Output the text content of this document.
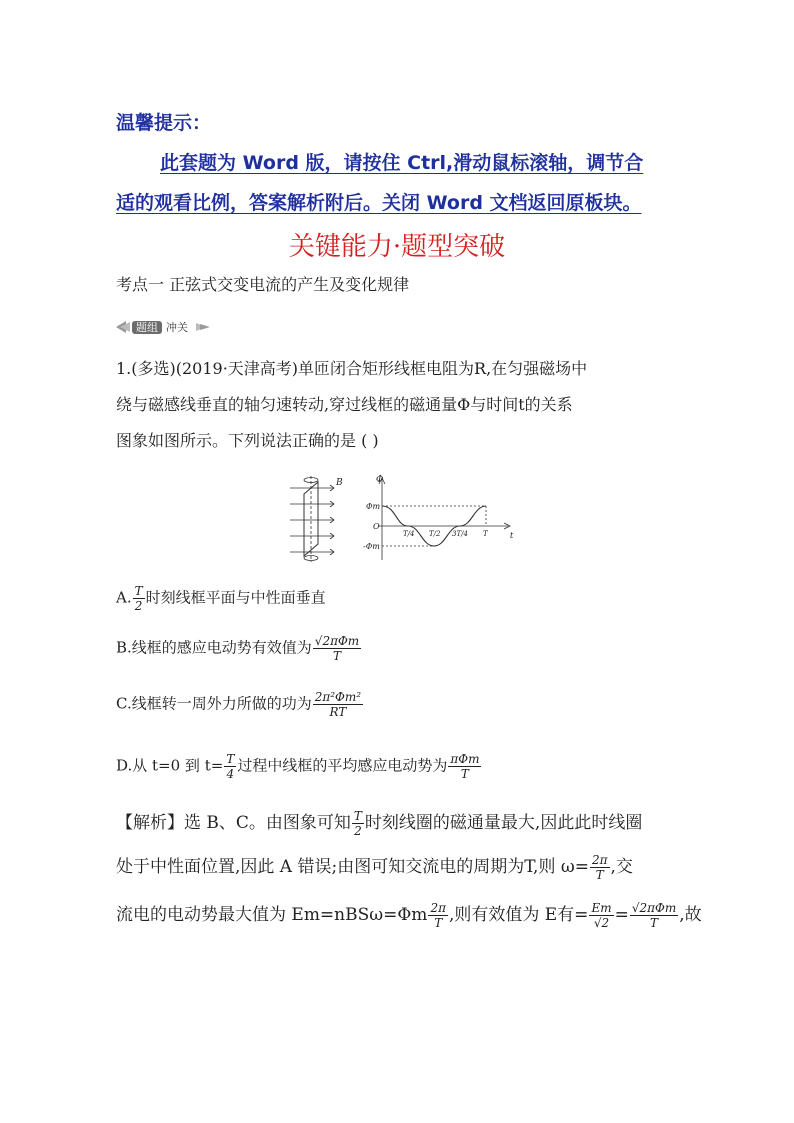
温馨提示：
此套题为 Word 版，请按住 Ctrl,滑动鼠标滚轴，调节合
适的观看比例，答案解析附后。关闭 Word 文档返回原板块。
关键能力·题型突破
考点一 正弦式交变电流的产生及变化规律
题组 冲关
1.(多选)(2019·天津高考)单匝闭合矩形线框电阻为R,在匀强磁场中
绕与磁感线垂直的轴匀速转动,穿过线框的磁通量Φ与时间t的关系
图象如图所示。下列说法正确的是 ( )
B	Φ
Φm
-Φm
O
t
T/4 T/2 3T/4 T
A. $\frac{T}{2}$ 时刻线框平面与中性面垂直
B.线框的感应电动势有效值为 $\frac{\text{√2πΦm}}{T}$
C.线框转一周外力所做的功为 $\frac{\text{2π²Φm²}}{RT}$
D.从 t=0 到 $t= \frac{T}{4}$ 过程中线框的平均感应电动势为 $\frac{\text{πΦm}}{T}$
【解析】选 B、C。由图象可知 $\frac{T}{2}$ 时刻线圈的磁通量最大,因此此时线圈
处于中性面位置,因此 A 错误;由图可知交流电的周期为T,则 $\omega= \frac{2\pi}{T}$ ,交
流电的电动势最大值为 $Em=nBS\omega=\Phi m \frac{2\pi}{T}$ ,则有效值为 E有= $\frac{Em}{√2} = \frac{\text{√2πΦm}}{T}$ ,故
